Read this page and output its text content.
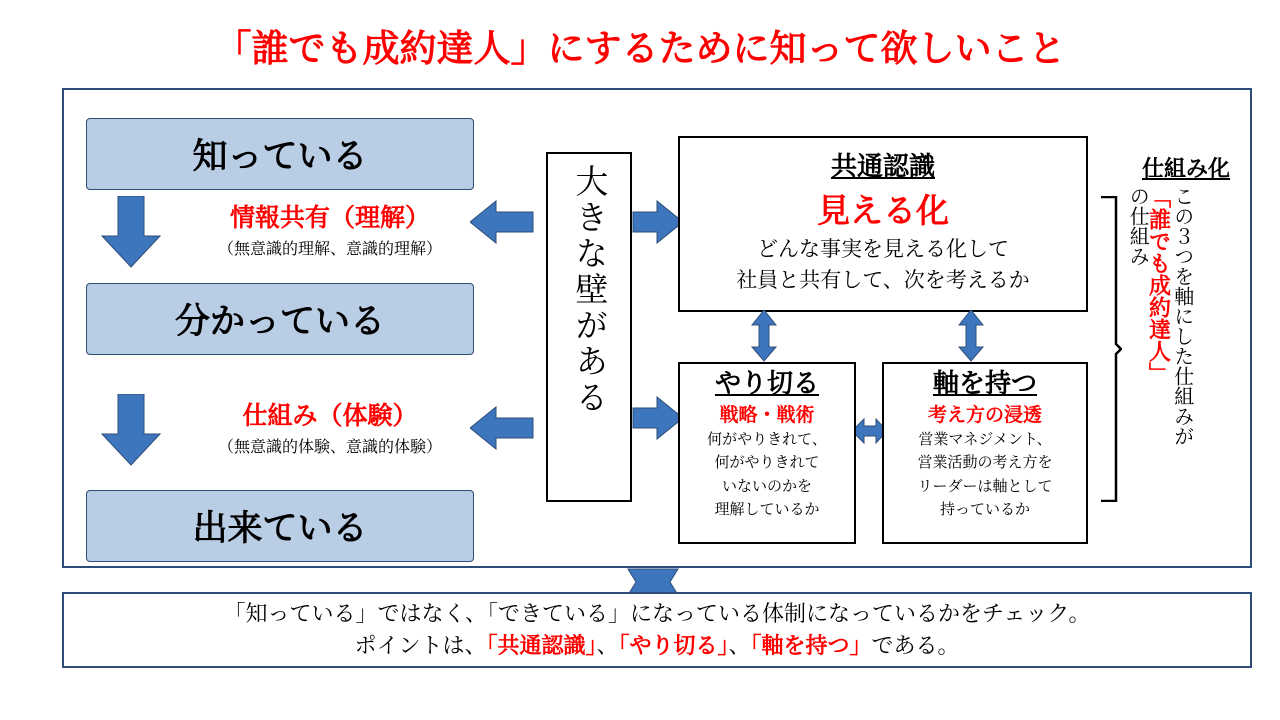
「誰でも成約達人」にするために知って欲しいこと
知っている
分かっている
出来ている
情報共有（理解）
（無意識的理解、意識的理解）
仕組み（体験）
（無意識的体験、意識的体験）
大きな壁がある	共通認識
見える化
どんな事実を見える化して
社員と共有して、次を考えるか
やり切る
戦略・戦術
何がやりきれて、
何がやりきれて
いないのかを
理解しているか
軸を持つ
考え方の浸透
営業マネジメント、
営業活動の考え方を
リーダーは軸として
持っているか
仕組み化
の仕組み
「誰でも成約達人」 この３つを軸にした仕組みが
「知っている」ではなく、「できている」になっている体制になっているかをチェック。
ポイントは、「共通認識」、「やり切る」、「軸を持つ」である。
